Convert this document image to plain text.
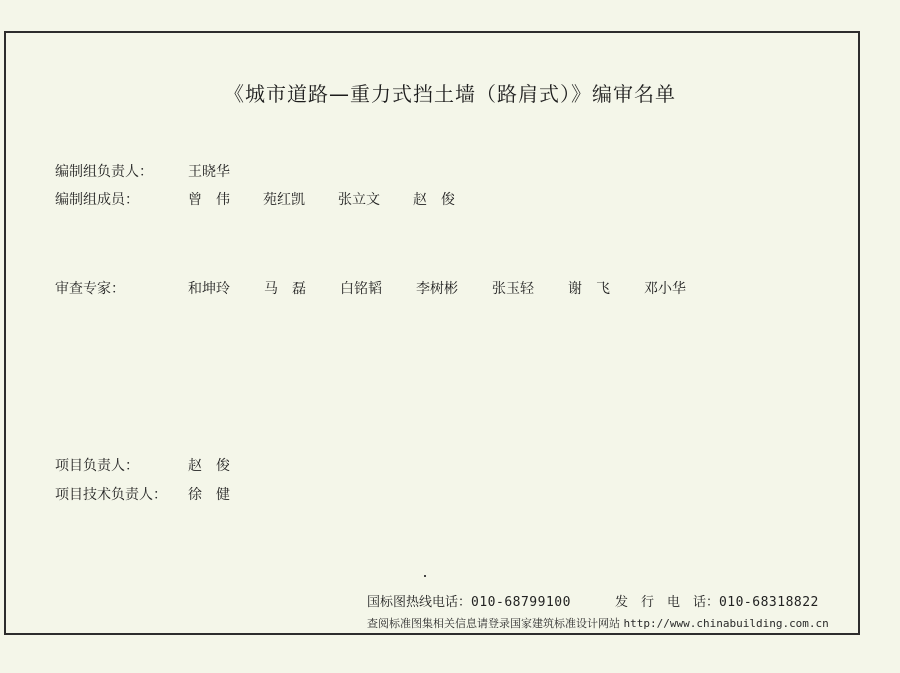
《城市道路—重力式挡土墙（路肩式）》编审名单
编制组负责人：	王晓华
编制组成员：	曾　伟 苑红凯 张立文 赵　俊
审查专家：	和坤玲 马　磊 白铭韬 李树彬 张玉轻 谢　飞 邓小华
项目负责人：	赵　俊
项目技术负责人： 徐　健
国标图热线电话：010-68799100	发　行　电　话：010-68318822
查阅标准图集相关信息请登录国家建筑标准设计网站 http://www.chinabuilding.com.cn
